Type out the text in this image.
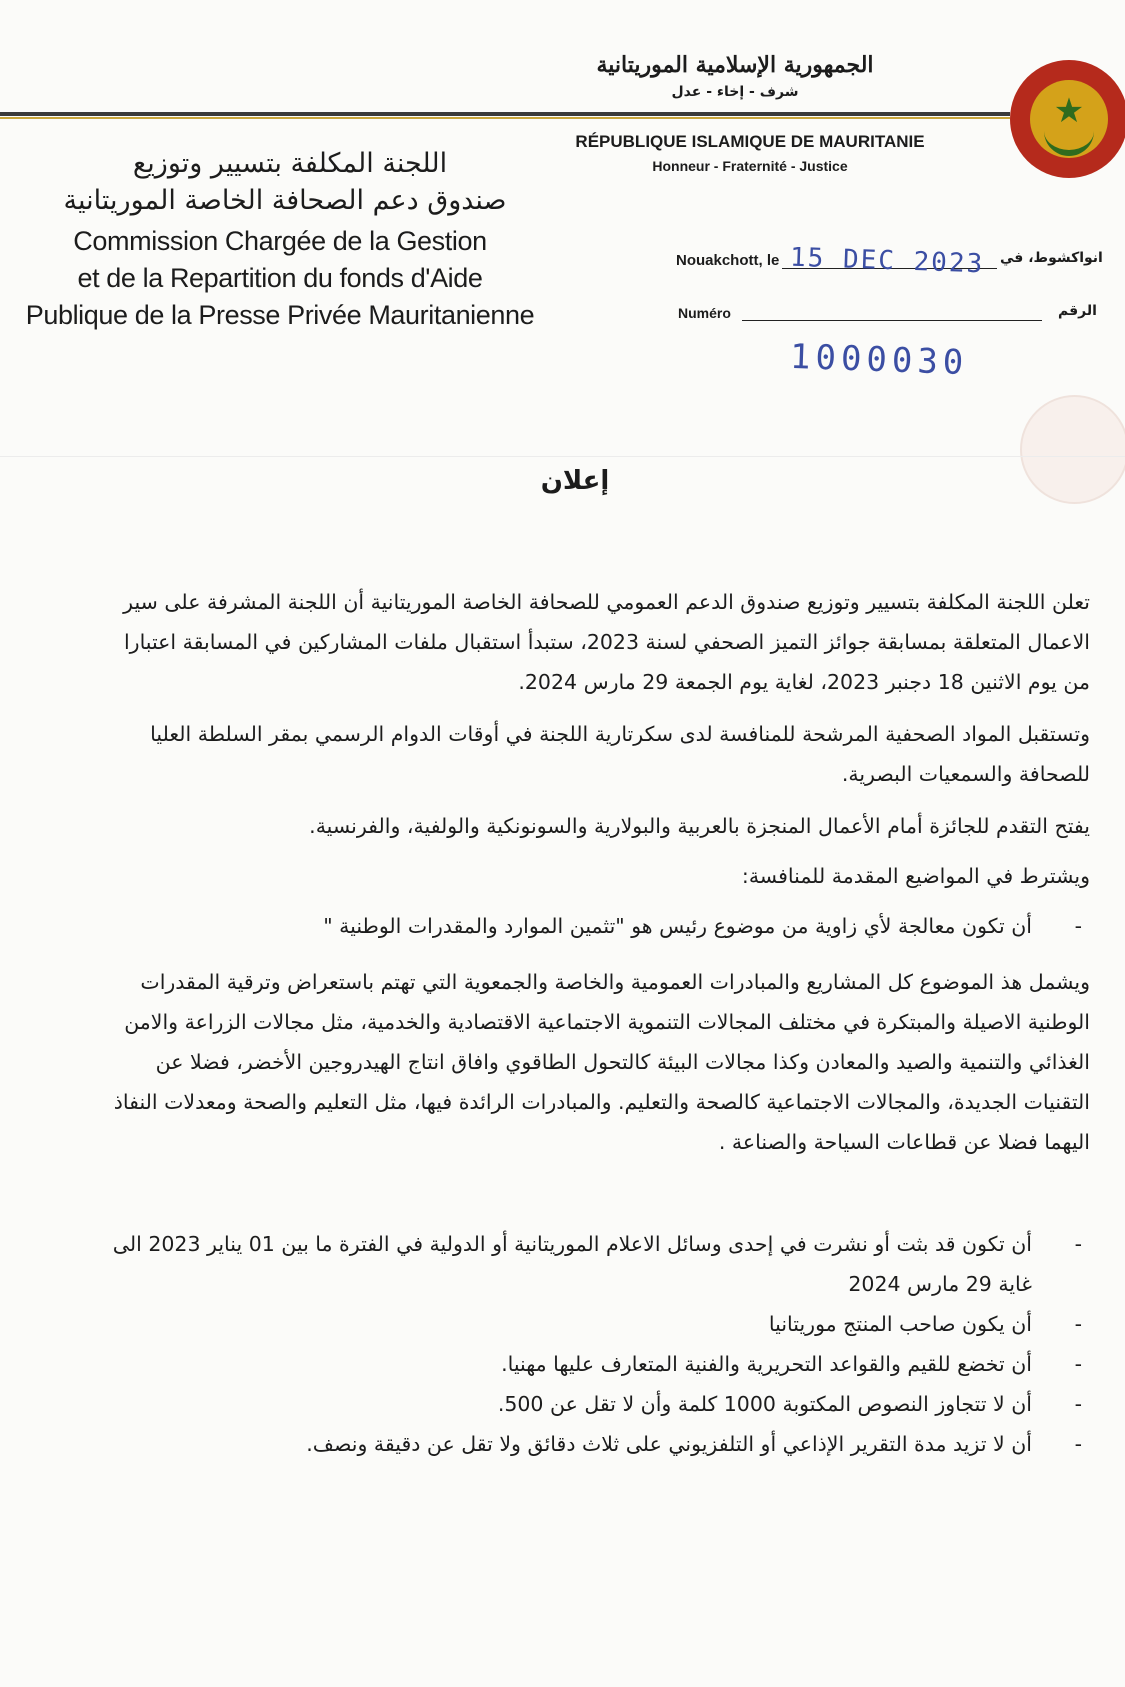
الجمهورية الإسلامية الموريتانية
شرف - إخاء - عدل
RÉPUBLIQUE ISLAMIQUE DE MAURITANIE
Honneur - Fraternité - Justice
★
اللجنة المكلفة بتسيير وتوزيع
صندوق دعم الصحافة الخاصة الموريتانية
Commission Chargée de la Gestion
et de la Repartition du fonds d'Aide
Publique de la Presse Privée Mauritanienne
Nouakchott, le	انواكشوط، في
15 DEC 2023
Numéro	الرقم
1000030
إعلان

تعلن اللجنة المكلفة بتسيير وتوزيع صندوق الدعم العمومي للصحافة الخاصة الموريتانية أن اللجنة المشرفة على سير الاعمال المتعلقة بمسابقة جوائز التميز الصحفي لسنة 2023، ستبدأ استقبال ملفات المشاركين في المسابقة اعتبارا من يوم الاثنين 18 دجنبر 2023، لغاية يوم الجمعة 29 مارس 2024.

وتستقبل المواد الصحفية المرشحة للمنافسة لدى سكرتارية اللجنة في أوقات الدوام الرسمي بمقر السلطة العليا للصحافة والسمعيات البصرية.

يفتح التقدم للجائزة أمام الأعمال المنجزة بالعربية والبولارية والسونونكية والولفية، والفرنسية.

ويشترط في المواضيع المقدمة للمنافسة:

- أن تكون معالجة لأي زاوية من موضوع رئيس هو "تثمين الموارد والمقدرات الوطنية "

ويشمل هذ الموضوع كل المشاريع والمبادرات العمومية والخاصة والجمعوية التي تهتم باستعراض وترقية المقدرات الوطنية الاصيلة والمبتكرة في مختلف المجالات التنموية الاجتماعية الاقتصادية والخدمية، مثل مجالات الزراعة والامن الغذائي والتنمية والصيد والمعادن وكذا مجالات البيئة كالتحول الطاقوي وافاق انتاج الهيدروجين الأخضر، فضلا عن التقنيات الجديدة، والمجالات الاجتماعية كالصحة والتعليم. والمبادرات الرائدة فيها، مثل التعليم والصحة ومعدلات النفاذ اليهما فضلا عن قطاعات السياحة والصناعة .

- أن تكون قد بثت أو نشرت في إحدى وسائل الاعلام الموريتانية أو الدولية في الفترة ما بين 01 يناير 2023 الى غاية 29 مارس 2024

- أن يكون صاحب المنتج موريتانيا

- أن تخضع للقيم والقواعد التحريرية والفنية المتعارف عليها مهنيا.

- أن لا تتجاوز النصوص المكتوبة 1000 كلمة وأن لا تقل عن 500.

- أن لا تزيد مدة التقرير الإذاعي أو التلفزيوني على ثلاث دقائق ولا تقل عن دقيقة ونصف.
